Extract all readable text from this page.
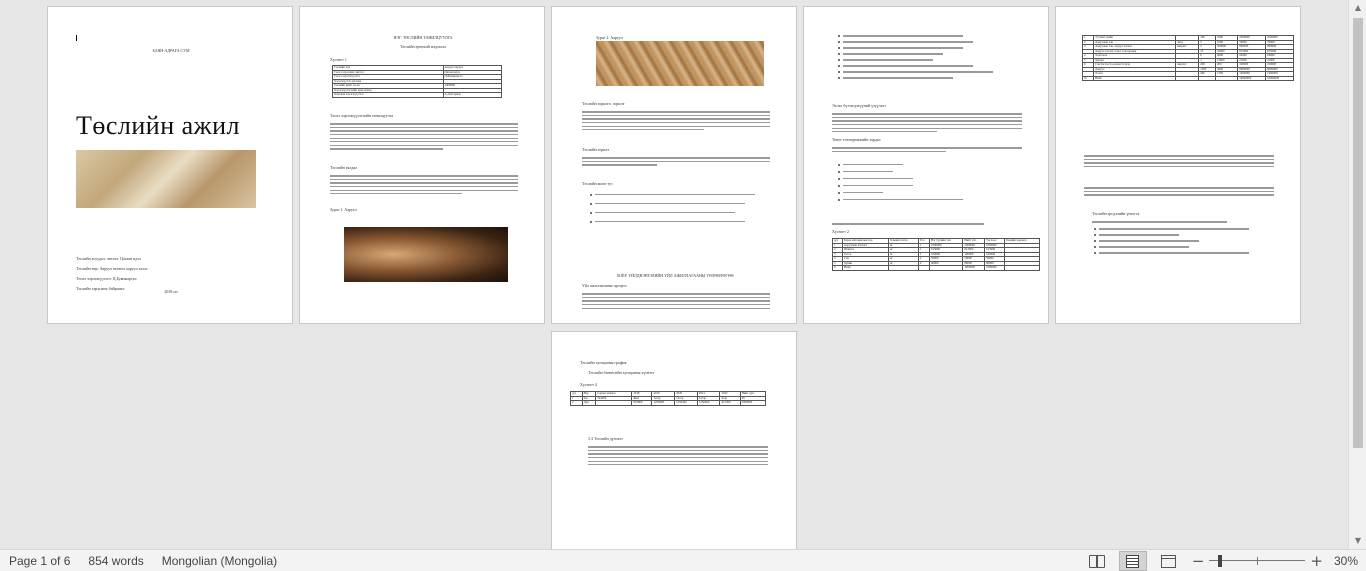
БАЯН-АДРАГА СУМ
Төслийн ажил
Төслийн асуудал, чиглэл: Цагаан идээ
Төслийн нэр: Ааруул монгол ааруул хэлээ
Төсөл хэрэгжүүлэгч: Ц.Буянжаргал
Төслийн хэрэгжих байршил:
2018 он
НЭГ. ТӨСЛИЙН ТАНИЛЦУУЛГА
Төслийн ерөнхий мэдээлэл
Хүснэгт 1
Төслийн нэр	Ааруул ааруул
Төсөл хэрэгжих чиглэл	Цагаан идээ
Төсөл хэрэгжүүлэгч	Ц.Буянжаргал
Хэрэгжүүлэх хугацаа	
Төслийн нийт төсөв	1000000
Хэрэгжүүлэгчийн хувь нэмэр	
Хамтран хэрэгжүүлэгч	А.Дэлгэрмаа
Төсөл хэрэгжүүлэгчийн танилцуулга
Төслийн уялдаа
Зураг 1. Ааруул
Зураг 2. Ааруул
Төслийн зорилго, зорилт
Төслийн зорилт
Төслийн ашиг тус
ХОЁР. ҮЙЛДВЭРЛЭЛИЙН ҮЙЛ АЖИЛЛАГААНЫ ТӨЛӨВЛӨГӨӨ
Үйл ажиллагааны процесс
Эхлэх бүтээгдэхүүний үзүүлэлт
Тоног төхөөрөмжийн зардал
Хүснэгт 2
д/д	Бараа материалын нэр	Хэмжих нэгж	Тоо	Нэг бүрийн үнэ	Нийт үнэ	Төслөөс	Өөрийн хөрөнгө
1	Ааруулын хатаагч	ш	1	1000000	1000000	1000000	
2	Шанага	ш	1	613000	613000	613000	
3	Тогоо	ш	1	100000	100000	100000	
4	Сав	ш	2	50000	50000	50000	
5	Хувин	ш	2	40000	80000	80000	
6	Нийт				1000000	1000000	
1	Түүхий эдийн		100	2500	2500000	2500000
2	Ааруулын сав	литр	5	1000	70000	70000
3	Ааруулын сав, ааруул хатаах	ширхэг	2	200000	600000	600000
	Ааруул хатаах тоног төхөөрөмж		15	45000	675000	675000
4	Хадгалах		6	4000	24000	24000
5	Хувцас		1	21600	21600	21600
6	Сав баглаа боодлын бэлдэц	ширхэг	200	200	100000	100000
	Ааруул		1500	4000	6000000	6000000
	Хэлэх		400	1500	1400000	1400000
10	Нийт				10000000	10000000
Төслийн эрсдэлийн үнэлгээ
Төслийн хугацааны график
Төслийн бизнесийн хугацааны хүснэгт
Хүснэгт 4
д/д	Нэр	Сарын хэмжээ	2018	2019	2020	2021	2022	Нийт дүн
1	Тоо	104200	Жил	12сар	12сар	12сар	4сар	40
2	Дүн		833600	1250400	1250400	1250400	415200	5000000
3.3 Төслийн дүгнэлт
▲
▼
Page 1 of 6	854 words	Mongolian (Mongolia)	−	+ 30%
